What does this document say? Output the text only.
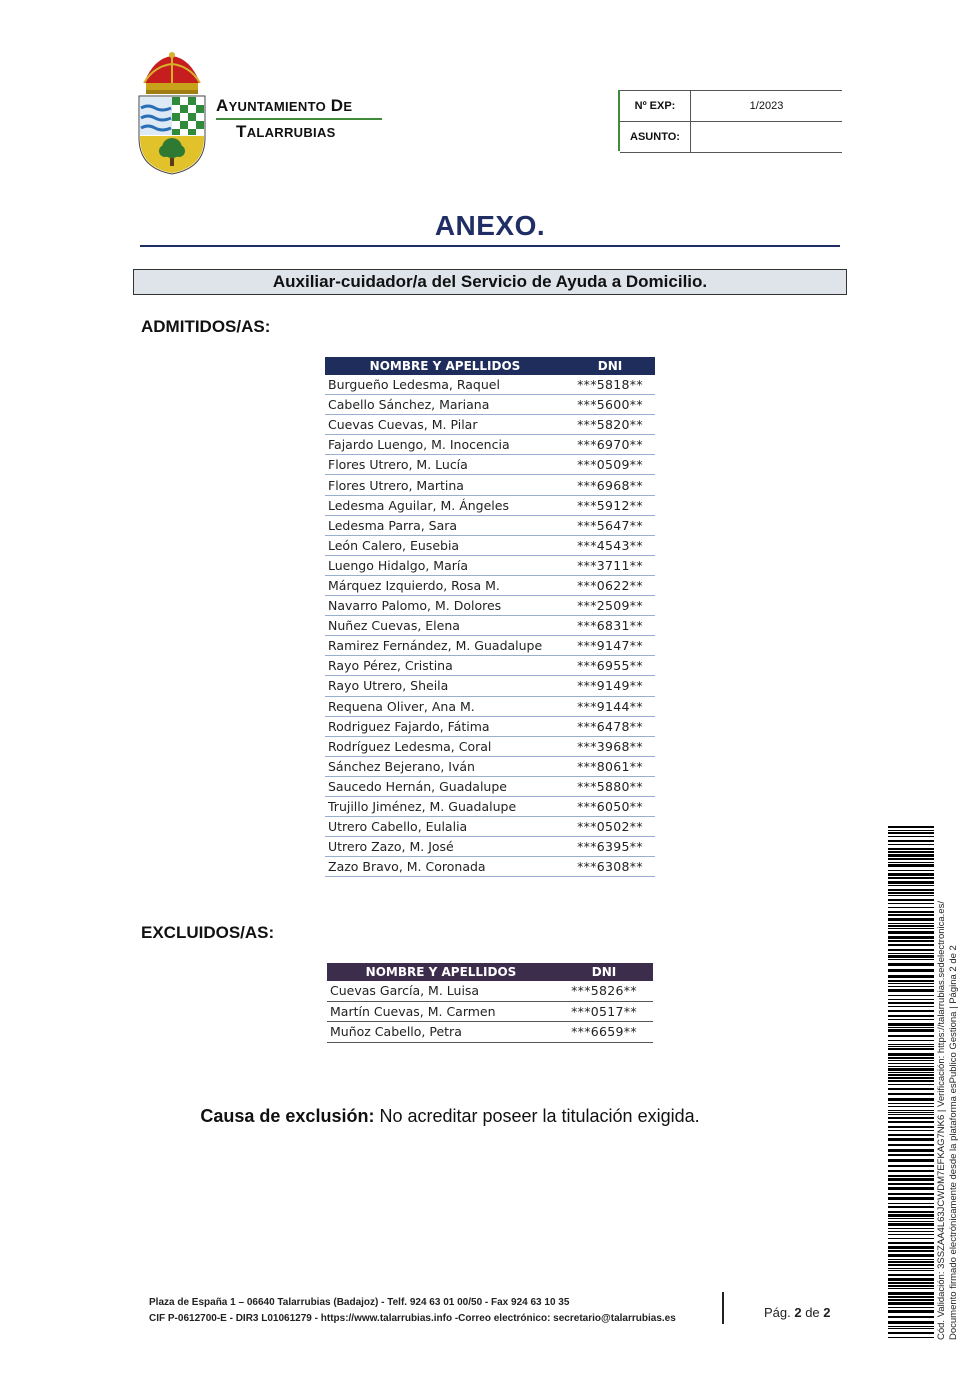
AYUNTAMIENTO DE
TALARRUBIAS
Nº EXP:	1/2023
ASUNTO:	
ANEXO.
Auxiliar-cuidador/a del Servicio de Ayuda a Domicilio.
ADMITIDOS/AS:
NOMBRE Y APELLIDOS	DNI
Burgueño Ledesma, Raquel	***5818**
Cabello Sánchez, Mariana	***5600**
Cuevas Cuevas, M. Pilar	***5820**
Fajardo Luengo, M. Inocencia	***6970**
Flores Utrero, M. Lucía	***0509**
Flores Utrero, Martina	***6968**
Ledesma Aguilar, M. Ángeles	***5912**
Ledesma Parra, Sara	***5647**
León Calero, Eusebia	***4543**
Luengo Hidalgo, María	***3711**
Márquez Izquierdo, Rosa M.	***0622**
Navarro Palomo, M. Dolores	***2509**
Nuñez Cuevas, Elena	***6831**
Ramirez Fernández, M. Guadalupe	***9147**
Rayo Pérez, Cristina	***6955**
Rayo Utrero, Sheila	***9149**
Requena Oliver, Ana M.	***9144**
Rodriguez Fajardo, Fátima	***6478**
Rodríguez Ledesma, Coral	***3968**
Sánchez Bejerano, Iván	***8061**
Saucedo Hernán, Guadalupe	***5880**
Trujillo Jiménez, M. Guadalupe	***6050**
Utrero Cabello, Eulalia	***0502**
Utrero Zazo, M. José	***6395**
Zazo Bravo, M. Coronada	***6308**
EXCLUIDOS/AS:
NOMBRE Y APELLIDOS	DNI
Cuevas García, M. Luisa	***5826**
Martín Cuevas, M. Carmen	***0517**
Muñoz Cabello, Petra	***6659**
Causa de exclusión: No acreditar poseer la titulación exigida.
Plaza de España 1 – 06640 Talarrubias (Badajoz) - Telf. 924 63 01 00/50 - Fax 924 63 10 35
CIF P-0612700-E - DIR3 L01061279 - https://www.talarrubias.info -Correo electrónico: secretario@talarrubias.es	Pág. 2 de 2	Cód. Validación: 3SSZAA4L63JCWDM7EFKAG7NK6 | Verificación: https://talarrubias.sedelectronica.es/ Documento firmado electrónicamente desde la plataforma esPublico Gestiona | Página 2 de 2
